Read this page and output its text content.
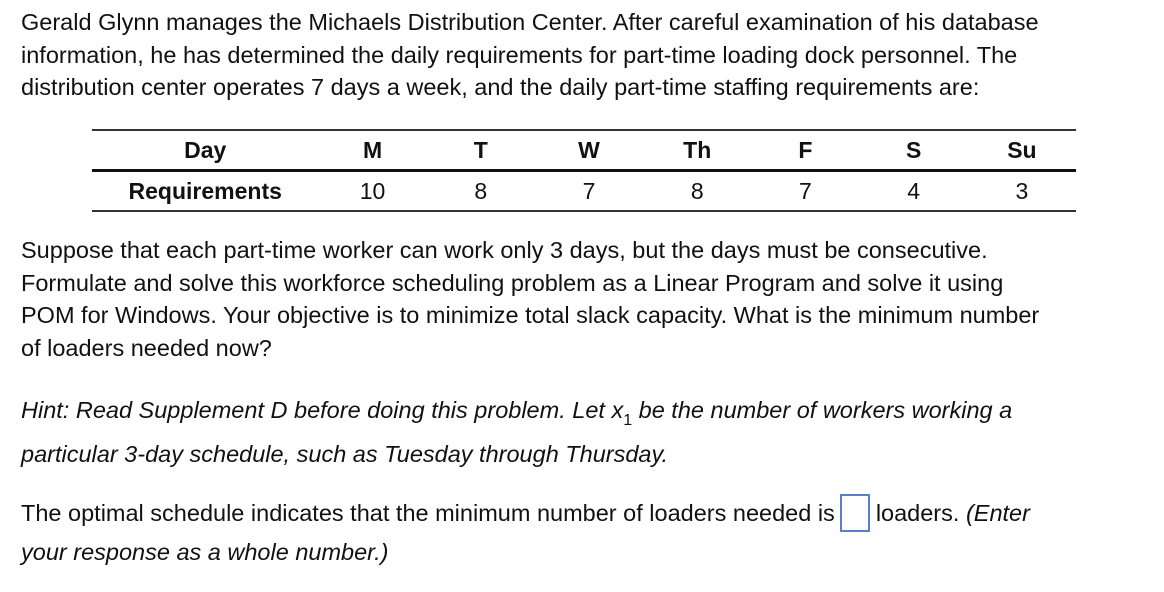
Gerald Glynn manages the Michaels Distribution Center. After careful examination of his database
information, he has determined the daily requirements for part-time loading dock personnel. The
distribution center operates 7 days a week, and the daily part-time staffing requirements are:

Day	M	T	W	Th	F	S	Su
Requirements	10	8	7	8	7	4	3

Suppose that each part-time worker can work only 3 days, but the days must be consecutive.
Formulate and solve this workforce scheduling problem as a Linear Program and solve it using
POM for Windows. Your objective is to minimize total slack capacity. What is the minimum number
of loaders needed now?

Hint: Read Supplement D before doing this problem. Let $x_1$ be the number of workers working a
particular 3-day schedule, such as Tuesday through Thursday.

The optimal schedule indicates that the minimum number of loaders needed is loaders. (Enter

your response as a whole number.)
